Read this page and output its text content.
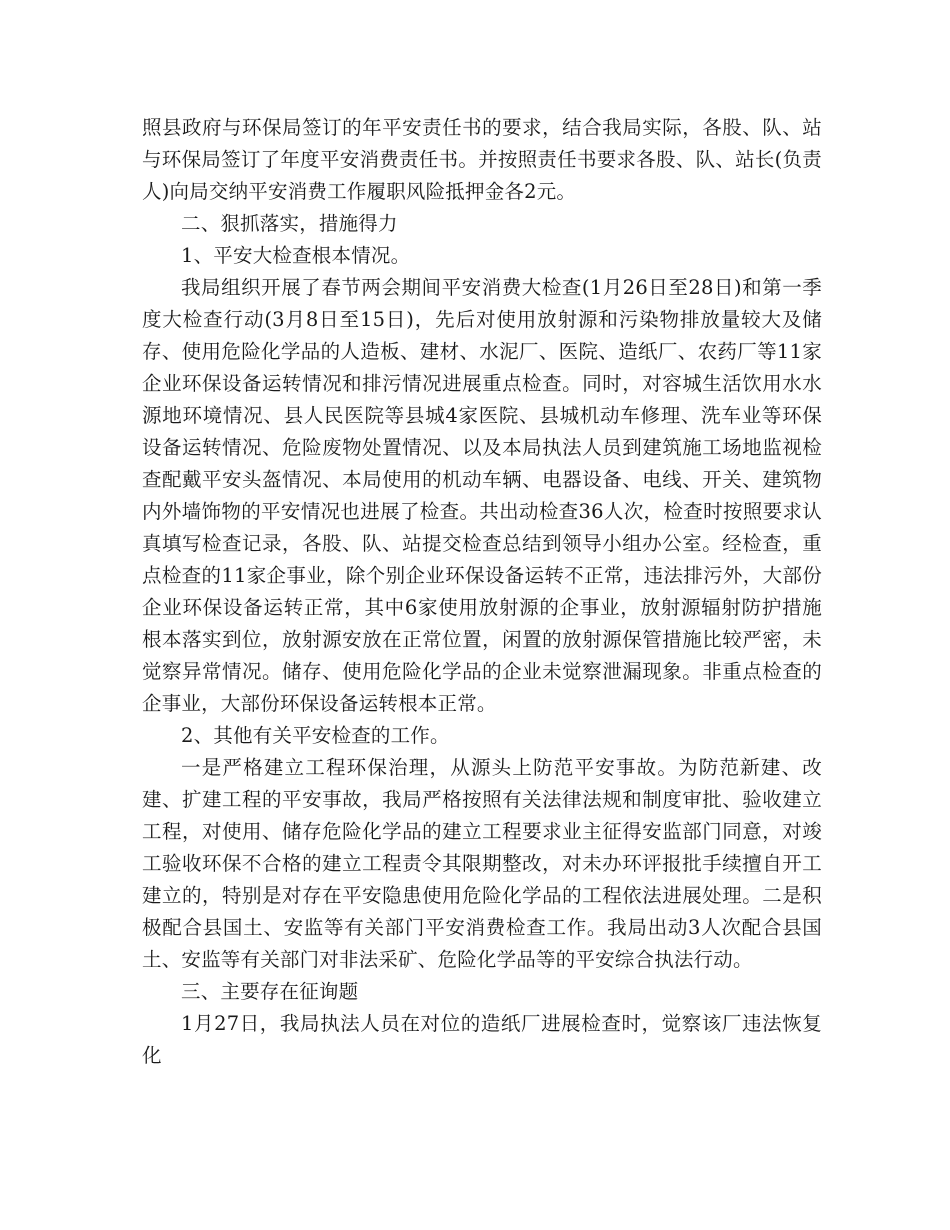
照县政府与环保局签订的年平安责任书的要求，结合我局实际，各股、队、站与环保局签订了年度平安消费责任书。并按照责任书要求各股、队、站长(负责人)向局交纳平安消费工作履职风险抵押金各2元。

二、狠抓落实，措施得力

1、平安大检查根本情况。

我局组织开展了春节两会期间平安消费大检查(1月26日至28日)和第一季度大检查行动(3月8日至15日)，先后对使用放射源和污染物排放量较大及储存、使用危险化学品的人造板、建材、水泥厂、医院、造纸厂、农药厂等11家企业环保设备运转情况和排污情况进展重点检查。同时，对容城生活饮用水水源地环境情况、县人民医院等县城4家医院、县城机动车修理、洗车业等环保设备运转情况、危险废物处置情况、以及本局执法人员到建筑施工场地监视检查配戴平安头盔情况、本局使用的机动车辆、电器设备、电线、开关、建筑物内外墙饰物的平安情况也进展了检查。共出动检查36人次，检查时按照要求认真填写检查记录，各股、队、站提交检查总结到领导小组办公室。经检查，重点检查的11家企事业，除个别企业环保设备运转不正常，违法排污外，大部份企业环保设备运转正常，其中6家使用放射源的企事业，放射源辐射防护措施根本落实到位，放射源安放在正常位置，闲置的放射源保管措施比较严密，未觉察异常情况。储存、使用危险化学品的企业未觉察泄漏现象。非重点检查的企事业，大部份环保设备运转根本正常。

2、其他有关平安检查的工作。

一是严格建立工程环保治理，从源头上防范平安事故。为防范新建、改建、扩建工程的平安事故，我局严格按照有关法律法规和制度审批、验收建立工程，对使用、储存危险化学品的建立工程要求业主征得安监部门同意，对竣工验收环保不合格的建立工程责令其限期整改，对未办环评报批手续擅自开工建立的，特别是对存在平安隐患使用危险化学品的工程依法进展处理。二是积极配合县国土、安监等有关部门平安消费检查工作。我局出动3人次配合县国土、安监等有关部门对非法采矿、危险化学品等的平安综合执法行动。

三、主要存在征询题

1月27日，我局执法人员在对位的造纸厂进展检查时，觉察该厂违法恢复化
